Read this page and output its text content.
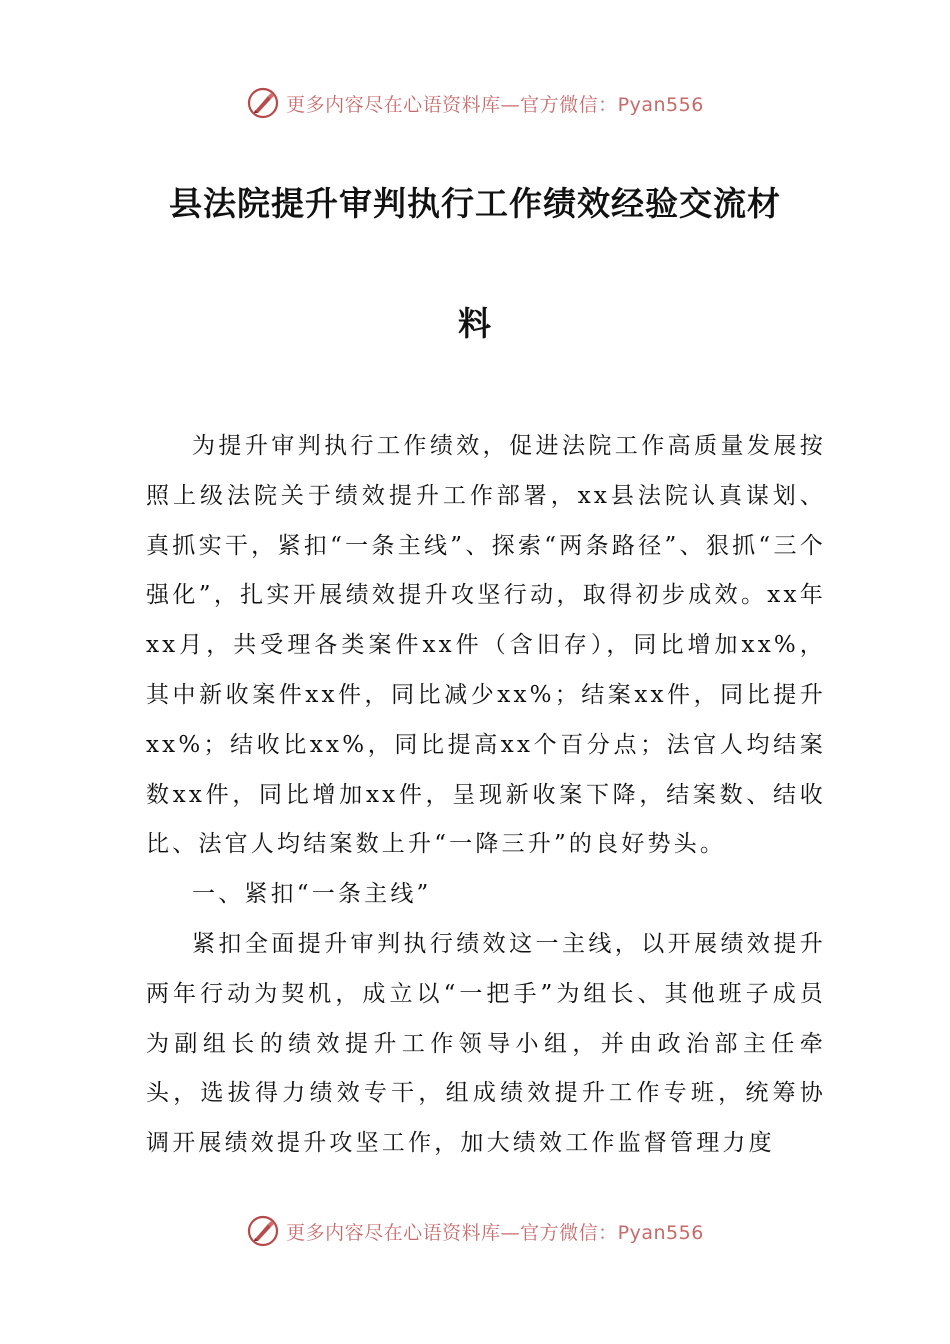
更多内容尽在心语资料库—官方微信：Pyan556
县法院提升审判执行工作绩效经验交流材
料

为提升审判执行工作绩效，促进法院工作高质量发展按照上级法院关于绩效提升工作部署，xx县法院认真谋划、真抓实干，紧扣“一条主线”、探索“两条路径”、狠抓“三个强化”，扎实开展绩效提升攻坚行动，取得初步成效。xx年xx月，共受理各类案件xx件（含旧存），同比增加xx%，其中新收案件xx件，同比减少xx%；结案xx件，同比提升xx%；结收比xx%，同比提高xx个百分点；法官人均结案数xx件，同比增加xx件，呈现新收案下降，结案数、结收比、法官人均结案数上升“一降三升”的良好势头。

一、紧扣“一条主线”

紧扣全面提升审判执行绩效这一主线，以开展绩效提升两年行动为契机，成立以“一把手”为组长、其他班子成员为副组长的绩效提升工作领导小组，并由政治部主任牵头，选拔得力绩效专干，组成绩效提升工作专班，统筹协调开展绩效提升攻坚工作，加大绩效工作监督管理力度

更多内容尽在心语资料库—官方微信：Pyan556
